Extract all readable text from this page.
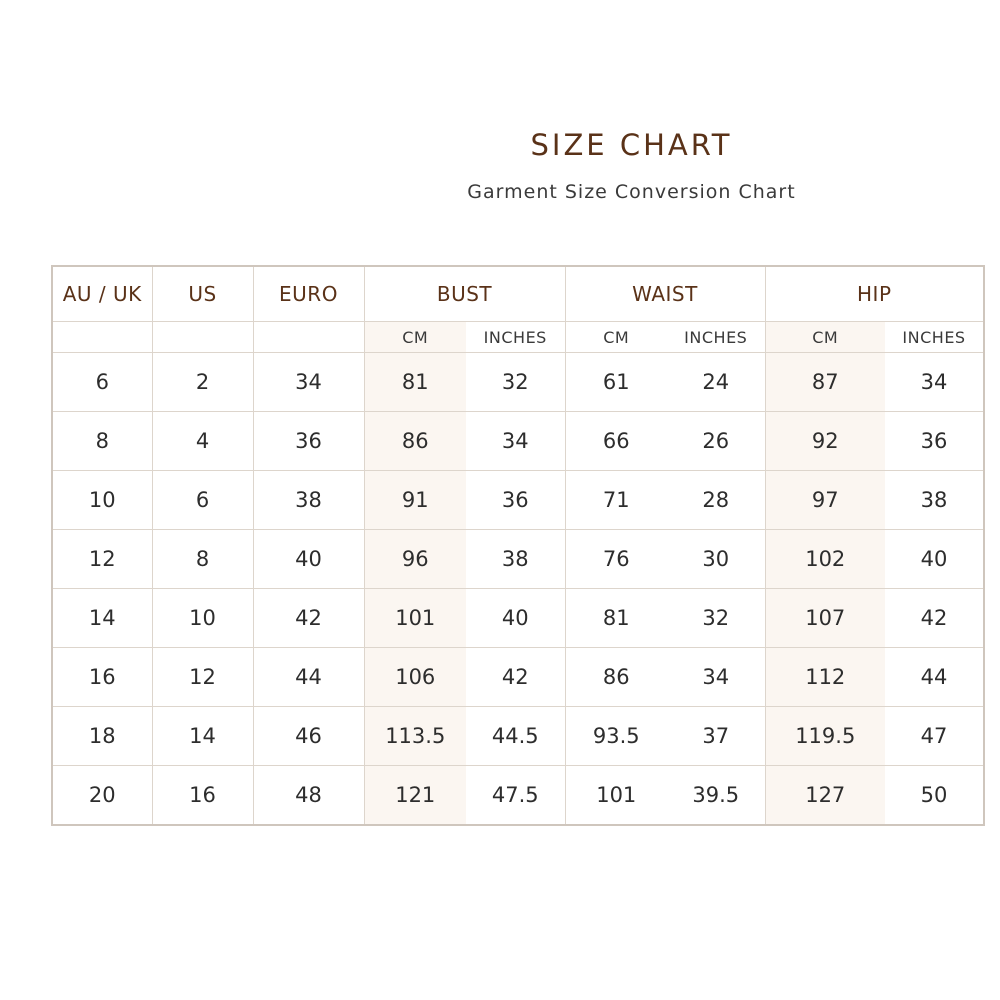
SIZE CHART
Garment Size Conversion Chart
AU / UK	US	EURO	BUST		WAIST		HIP	
			CM	INCHES	CM	INCHES	CM	INCHES
6	2	34	81	32	61	24	87	34
8	4	36	86	34	66	26	92	36
10	6	38	91	36	71	28	97	38
12	8	40	96	38	76	30	102	40
14	10	42	101	40	81	32	107	42
16	12	44	106	42	86	34	112	44
18	14	46	113.5	44.5	93.5	37	119.5	47
20	16	48	121	47.5	101	39.5	127	50
